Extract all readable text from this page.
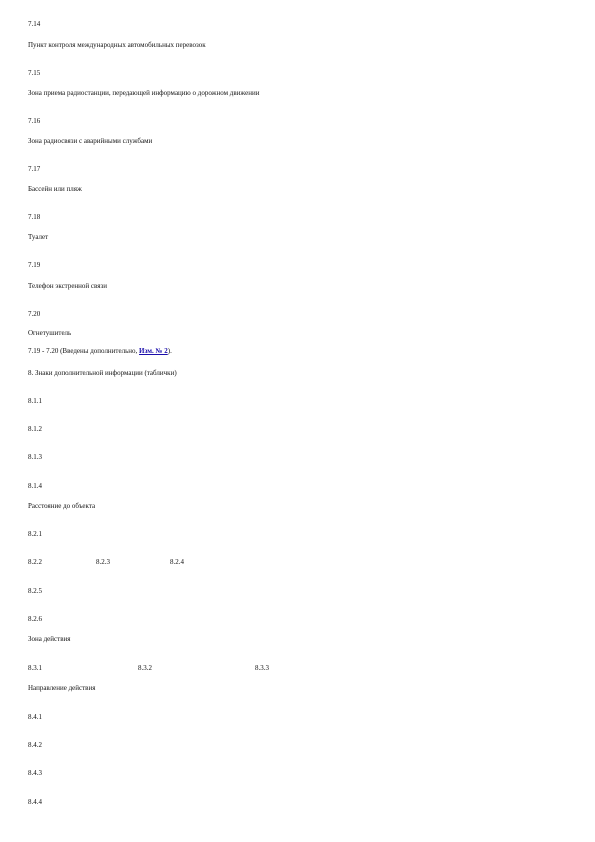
7.14
Пункт контроля международных автомобильных перевозок
7.15
Зона приема радиостанции, передающей информацию о дорожном движении
7.16
Зона радиосвязи с аварийными службами
7.17
Бассейн или пляж
7.18
Туалет
7.19
Телефон экстренной связи
7.20
Огнетушитель
7.19 - 7.20 (Введены дополнительно, Изм. № 2).
8. Знаки дополнительной информации (таблички)
8.1.1
8.1.2
8.1.3
8.1.4
Расстояние до объекта
8.2.1
8.2.2	8.2.3	8.2.4
8.2.5
8.2.6
Зона действия
8.3.1	8.3.2	8.3.3
Направление действия
8.4.1
8.4.2
8.4.3
8.4.4
